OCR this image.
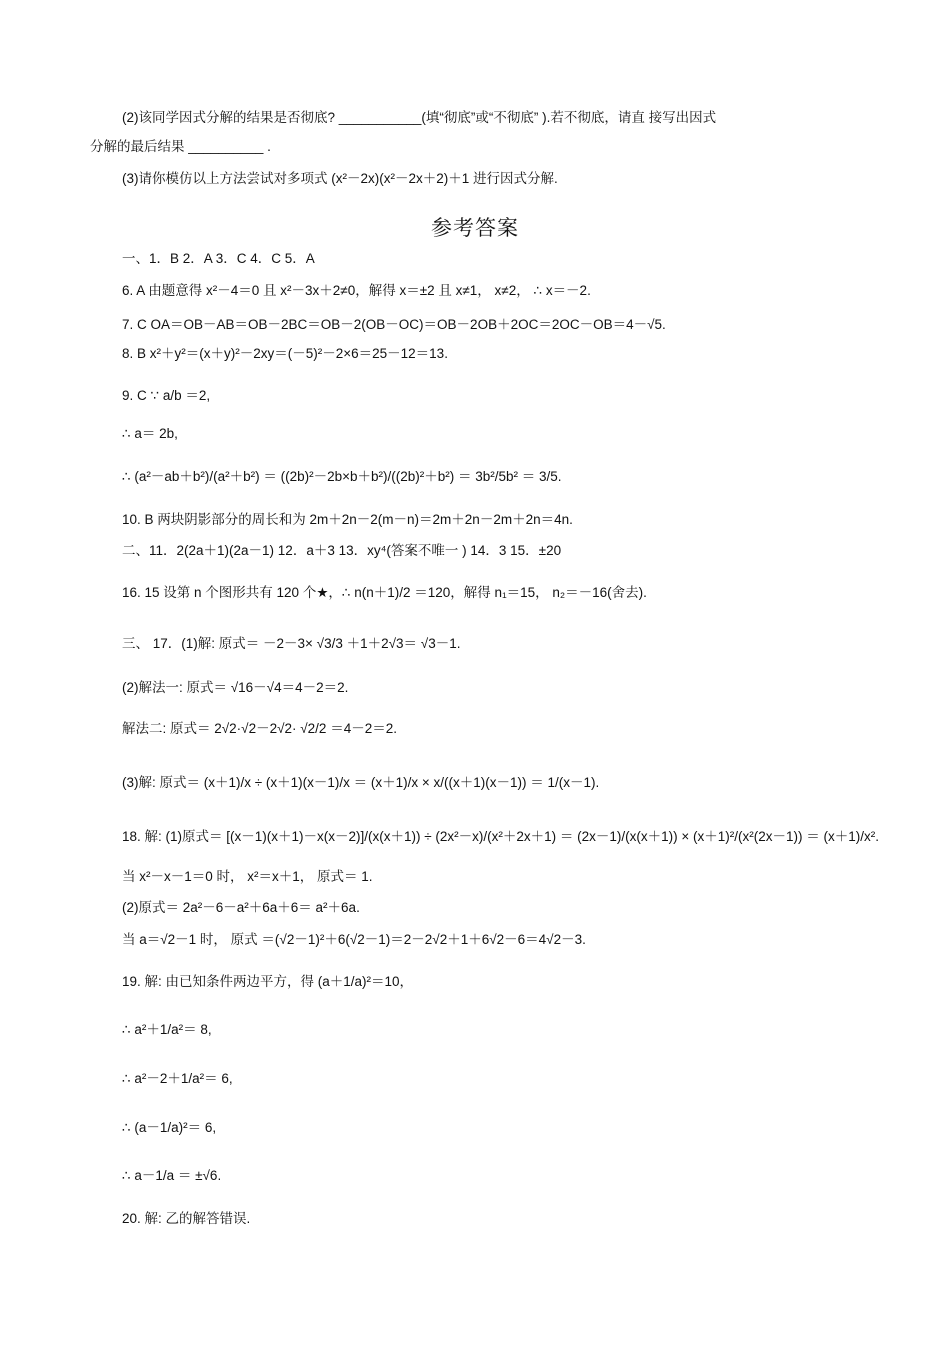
(2)该同学因式分解的结果是否彻底? ___________(填“彻底”或“不彻底” ).若不彻底，请直 接写出因式
分解的最后结果 __________ .
(3)请你模仿以上方法尝试对多项式 (x²－2x)(x²－2x＋2)＋1 进行因式分解.
参考答案
一、1．B 2．A 3．C 4．C 5．A
6. A 由题意得 x²－4＝0 且 x²－3x＋2≠0，解得 x＝±2 且 x≠1， x≠2， ∴ x＝－2.
7. C OA＝OB－AB＝OB－2BC＝OB－2(OB－OC)＝OB－2OB＋2OC＝2OC－OB＝4－√5.
8. B x²＋y²＝(x＋y)²－2xy＝(－5)²－2×6＝25－12＝13.
9. C ∵ a/b ＝2,
∴ a＝ 2b,
∴ (a²－ab＋b²)/(a²＋b²) ＝ ((2b)²－2b×b＋b²)/((2b)²＋b²) ＝ 3b²/5b² ＝ 3/5.
10. B 两块阴影部分的周长和为 2m＋2n－2(m－n)＝2m＋2n－2m＋2n＝4n.
二、11．2(2a＋1)(2a－1) 12．a＋3 13．xy⁴(答案不唯一 ) 14．3 15．±20
16. 15 设第 n 个图形共有 120 个★，∴ n(n＋1)/2 ＝120，解得 n₁＝15， n₂＝－16(舍去).
三、 17．(1)解: 原式＝ －2－3× √3/3 ＋1＋2√3＝ √3－1.
(2)解法一: 原式＝ √16－√4＝4－2＝2.
解法二: 原式＝ 2√2·√2－2√2· √2/2 ＝4－2＝2.
(3)解: 原式＝ (x＋1)/x ÷ (x＋1)(x－1)/x ＝ (x＋1)/x × x/((x＋1)(x－1)) ＝ 1/(x－1).
18. 解: (1)原式＝ [(x－1)(x＋1)－x(x－2)]/(x(x＋1)) ÷ (2x²－x)/(x²＋2x＋1) ＝ (2x－1)/(x(x＋1)) × (x＋1)²/(x²(2x－1)) ＝ (x＋1)/x².
当 x²－x－1＝0 时， x²＝x＋1， 原式＝ 1.
(2)原式＝ 2a²－6－a²＋6a＋6＝ a²＋6a.
当 a＝√2－1 时， 原式 ＝(√2－1)²＋6(√2－1)＝2－2√2＋1＋6√2－6＝4√2－3.
19. 解: 由已知条件两边平方，得 (a＋1/a)²＝10，
∴ a²＋1/a²＝ 8,
∴ a²－2＋1/a²＝ 6,
∴ (a－1/a)²＝ 6,
∴ a－1/a ＝ ±√6.
20. 解: 乙的解答错误.
